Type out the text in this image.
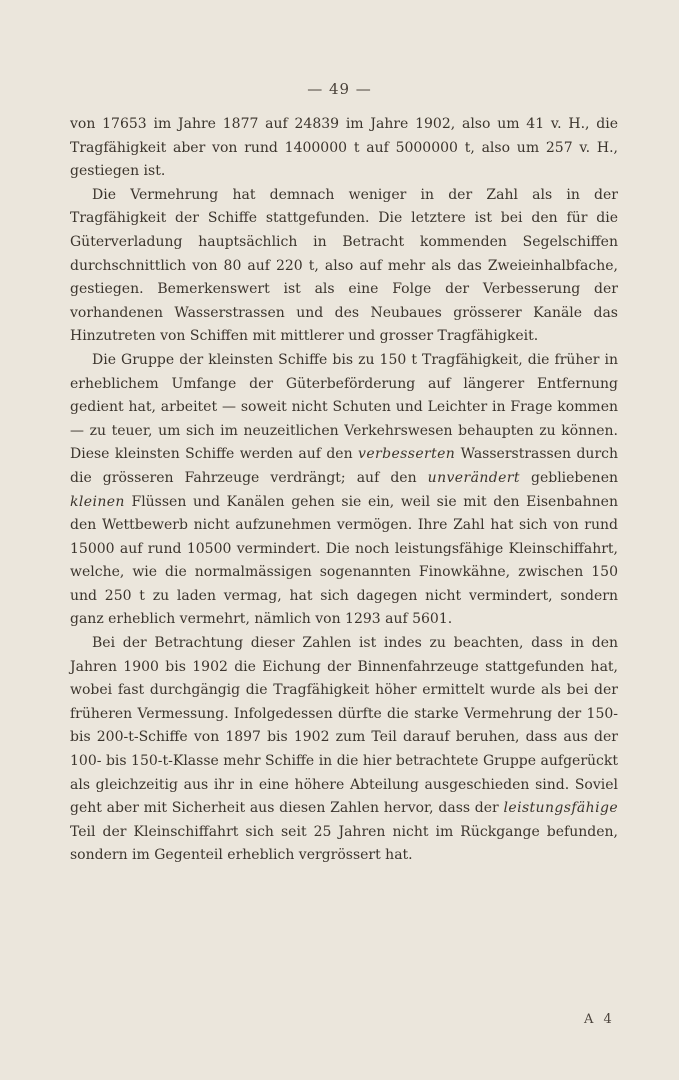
— 49 —

von 17653 im Jahre 1877 auf 24839 im Jahre 1902, also um 41 v. H., die Tragfähigkeit aber von rund 1400000 t auf 5000000 t, also um 257 v. H., gestiegen ist.

Die Vermehrung hat demnach weniger in der Zahl als in der Tragfähigkeit der Schiffe stattgefunden. Die letztere ist bei den für die Güterverladung hauptsächlich in Betracht kommenden Segelschiffen durchschnittlich von 80 auf 220 t, also auf mehr als das Zweieinhalbfache, gestiegen. Bemerkenswert ist als eine Folge der Verbesserung der vorhandenen Wasserstrassen und des Neubaues grösserer Kanäle das Hinzutreten von Schiffen mit mittlerer und grosser Tragfähigkeit.

Die Gruppe der kleinsten Schiffe bis zu 150 t Tragfähigkeit, die früher in erheblichem Umfange der Güterbeförderung auf längerer Entfernung gedient hat, arbeitet — soweit nicht Schuten und Leichter in Frage kommen — zu teuer, um sich im neuzeitlichen Verkehrswesen behaupten zu können. Diese kleinsten Schiffe werden auf den verbesserten Wasserstrassen durch die grösseren Fahrzeuge verdrängt; auf den unverändert gebliebenen kleinen Flüssen und Kanälen gehen sie ein, weil sie mit den Eisenbahnen den Wettbewerb nicht aufzunehmen vermögen. Ihre Zahl hat sich von rund 15000 auf rund 10500 vermindert. Die noch leistungsfähige Kleinschiffahrt, welche, wie die normalmässigen sogenannten Finowkähne, zwischen 150 und 250 t zu laden vermag, hat sich dagegen nicht vermindert, sondern ganz erheblich vermehrt, nämlich von 1293 auf 5601.

Bei der Betrachtung dieser Zahlen ist indes zu beachten, dass in den Jahren 1900 bis 1902 die Eichung der Binnenfahrzeuge stattgefunden hat, wobei fast durchgängig die Tragfähigkeit höher ermittelt wurde als bei der früheren Vermessung. Infolgedessen dürfte die starke Vermehrung der 150- bis 200-t-Schiffe von 1897 bis 1902 zum Teil darauf beruhen, dass aus der 100- bis 150-t-Klasse mehr Schiffe in die hier betrachtete Gruppe aufgerückt als gleichzeitig aus ihr in eine höhere Abteilung ausgeschieden sind. Soviel geht aber mit Sicherheit aus diesen Zahlen hervor, dass der leistungsfähige Teil der Kleinschiffahrt sich seit 25 Jahren nicht im Rückgange befunden, sondern im Gegenteil erheblich vergrössert hat.

A 4
